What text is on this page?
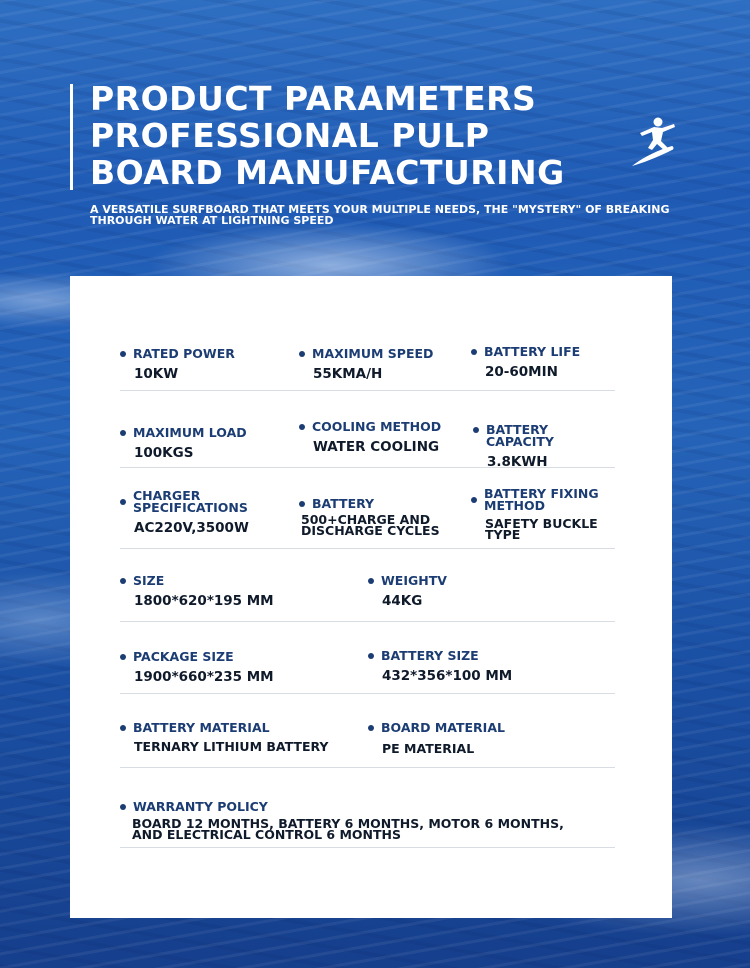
PRODUCT PARAMETERS
PROFESSIONAL PULP
BOARD MANUFACTURING
A VERSATILE SURFBOARD THAT MEETS YOUR MULTIPLE NEEDS, THE "MYSTERY" OF BREAKING THROUGH WATER AT LIGHTNING SPEED
RATED POWER
10KW
MAXIMUM SPEED
55KMA/H
BATTERY LIFE
20-60MIN
MAXIMUM LOAD
100KGS
COOLING METHOD
WATER COOLING
BATTERY CAPACITY
3.8KWH
CHARGER
SPECIFICATIONS
AC220V,3500W
BATTERY
500+CHARGE AND
DISCHARGE CYCLES
BATTERY FIXING
METHOD
SAFETY BUCKLE TYPE
SIZE
1800*620*195 MM
WEIGHTV
44KG
PACKAGE SIZE
1900*660*235 MM
BATTERY SIZE
432*356*100 MM
BATTERY MATERIAL
TERNARY LITHIUM BATTERY
BOARD MATERIAL
PE MATERIAL
WARRANTY POLICY
BOARD 12 MONTHS, BATTERY 6 MONTHS, MOTOR 6 MONTHS,
AND ELECTRICAL CONTROL 6 MONTHS
